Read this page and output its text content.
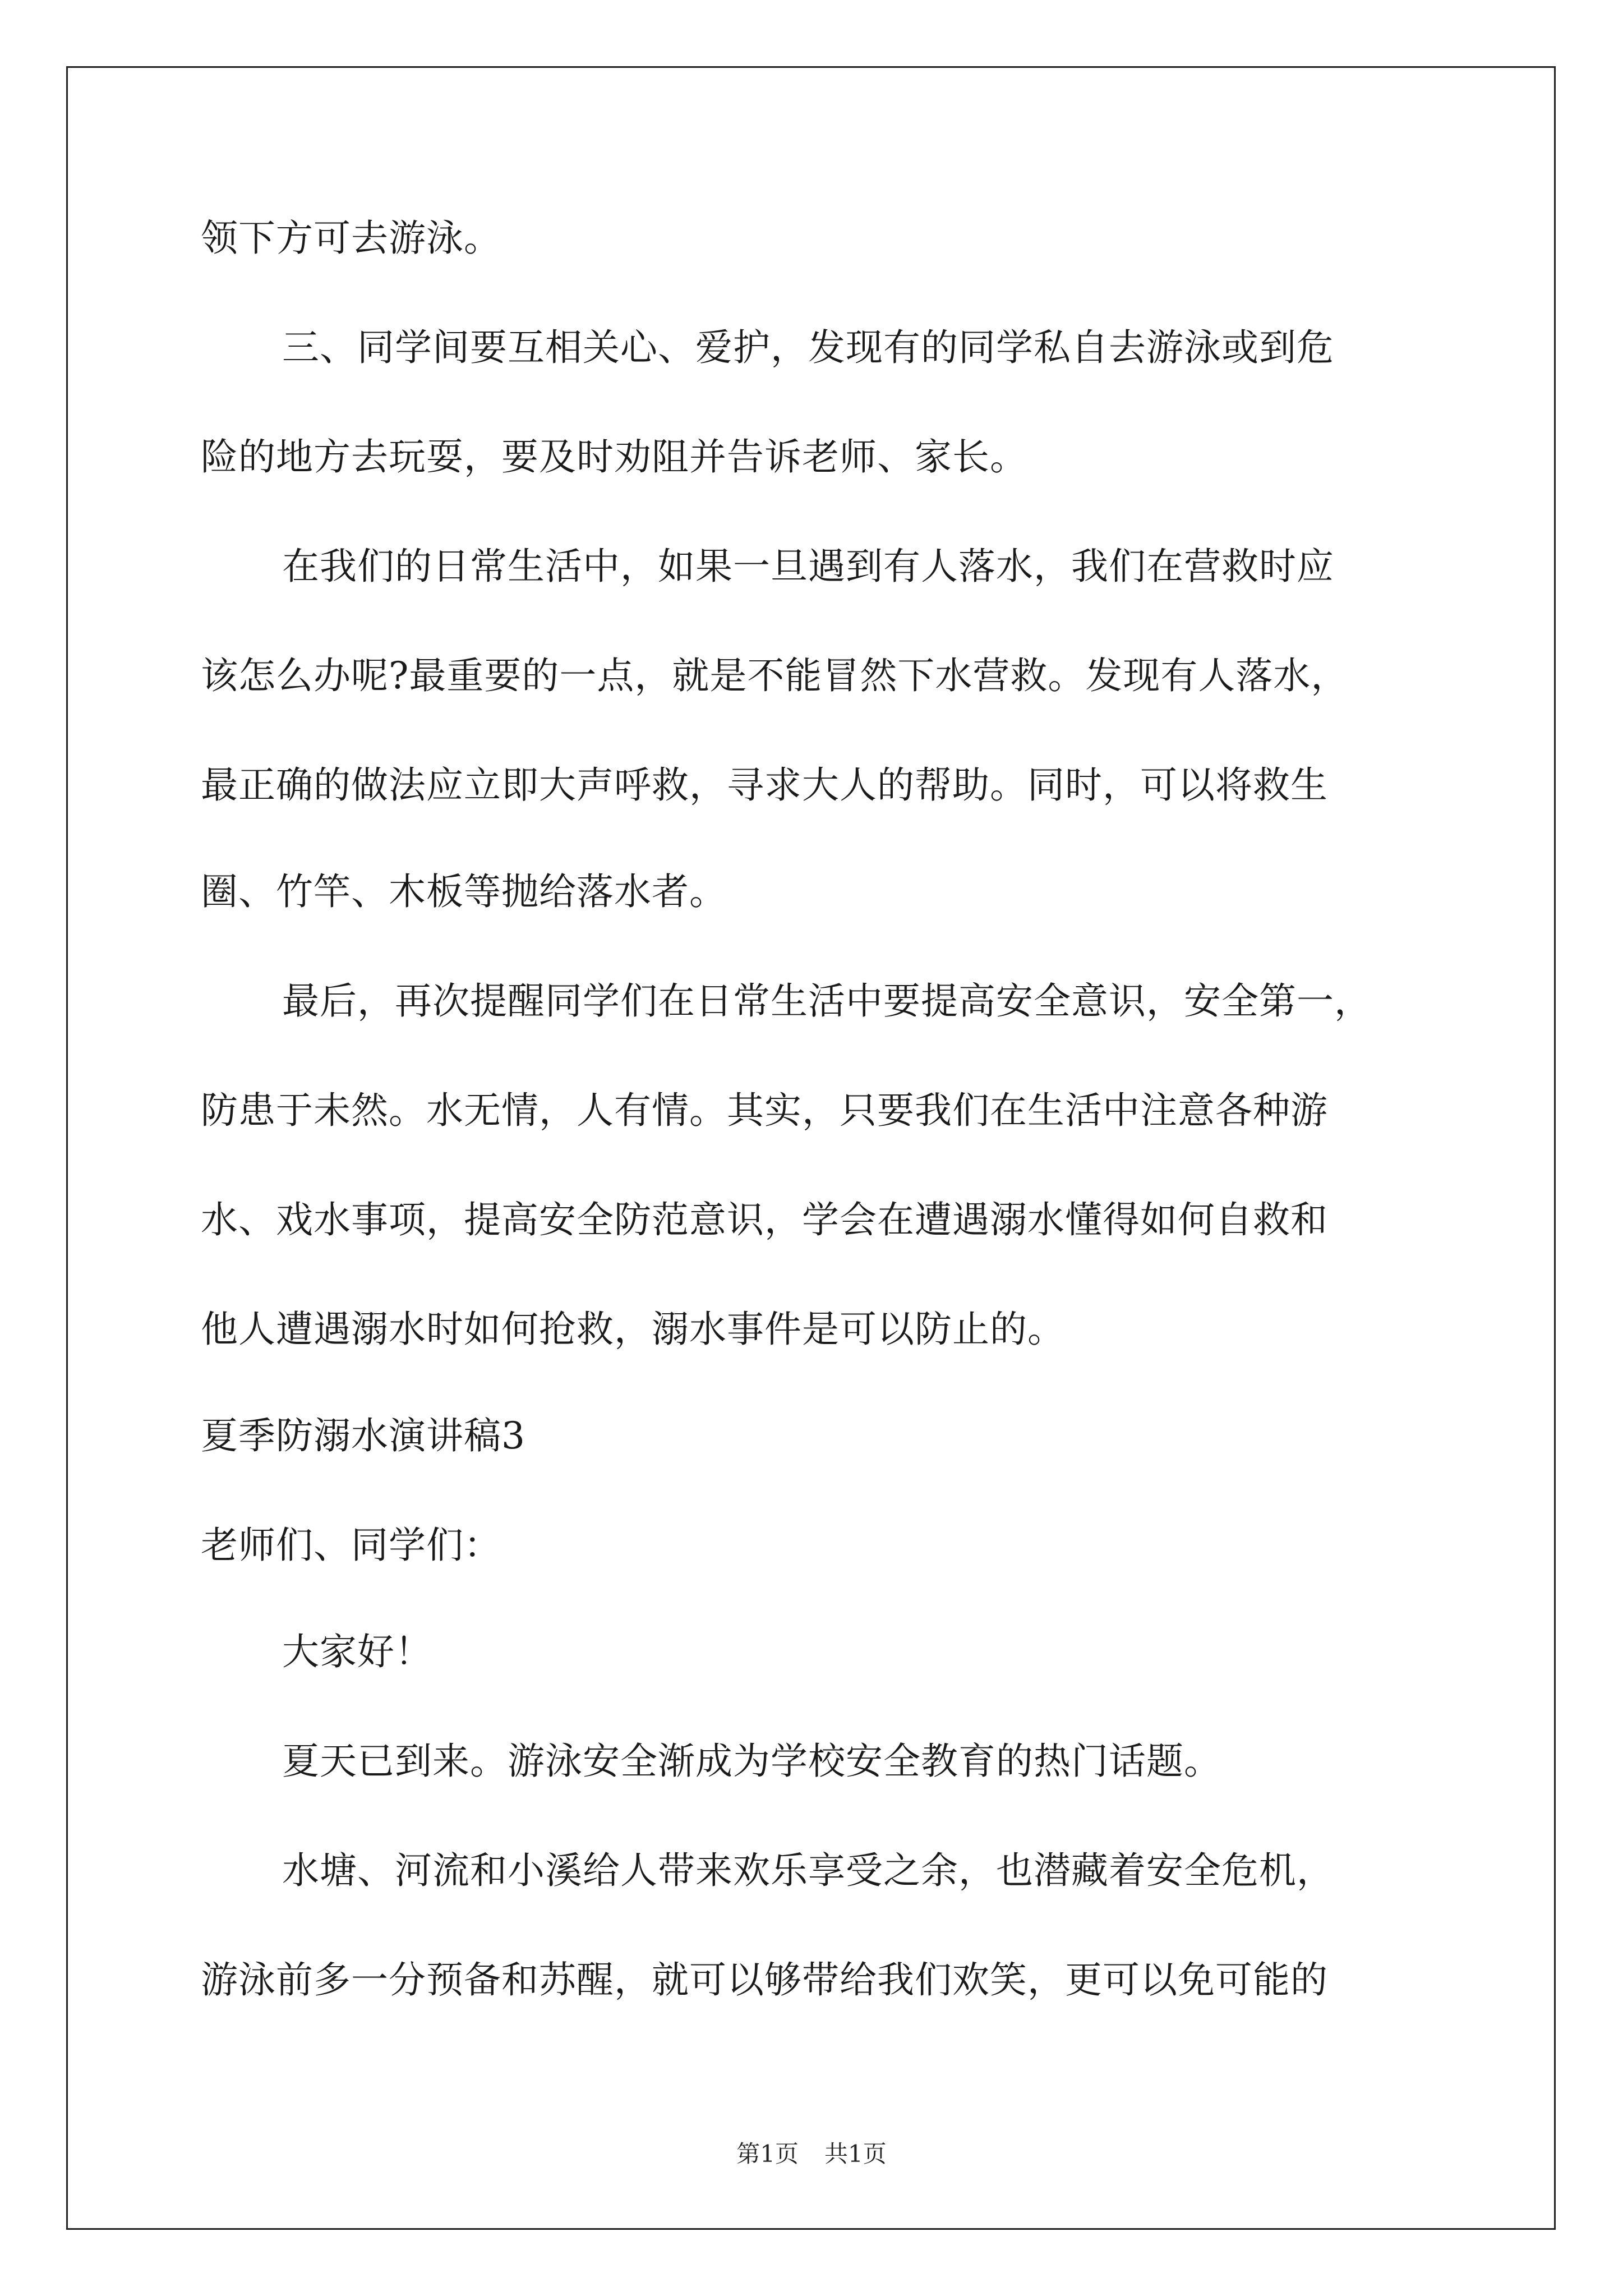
领下方可去游泳。
三、同学间要互相关心、爱护，发现有的同学私自去游泳或到危
险的地方去玩耍，要及时劝阻并告诉老师、家长。
在我们的日常生活中，如果一旦遇到有人落水，我们在营救时应
该怎么办呢?最重要的一点，就是不能冒然下水营救。发现有人落水，
最正确的做法应立即大声呼救，寻求大人的帮助。同时，可以将救生
圈、竹竿、木板等抛给落水者。
最后，再次提醒同学们在日常生活中要提高安全意识，安全第一，
防患于未然。水无情，人有情。其实，只要我们在生活中注意各种游
水、戏水事项，提高安全防范意识，学会在遭遇溺水懂得如何自救和
他人遭遇溺水时如何抢救，溺水事件是可以防止的。
夏季防溺水演讲稿3
老师们、同学们：
大家好！
夏天已到来。游泳安全渐成为学校安全教育的热门话题。
水塘、河流和小溪给人带来欢乐享受之余，也潜藏着安全危机，
游泳前多一分预备和苏醒，就可以够带给我们欢笑，更可以免可能的
第1页 共1页
